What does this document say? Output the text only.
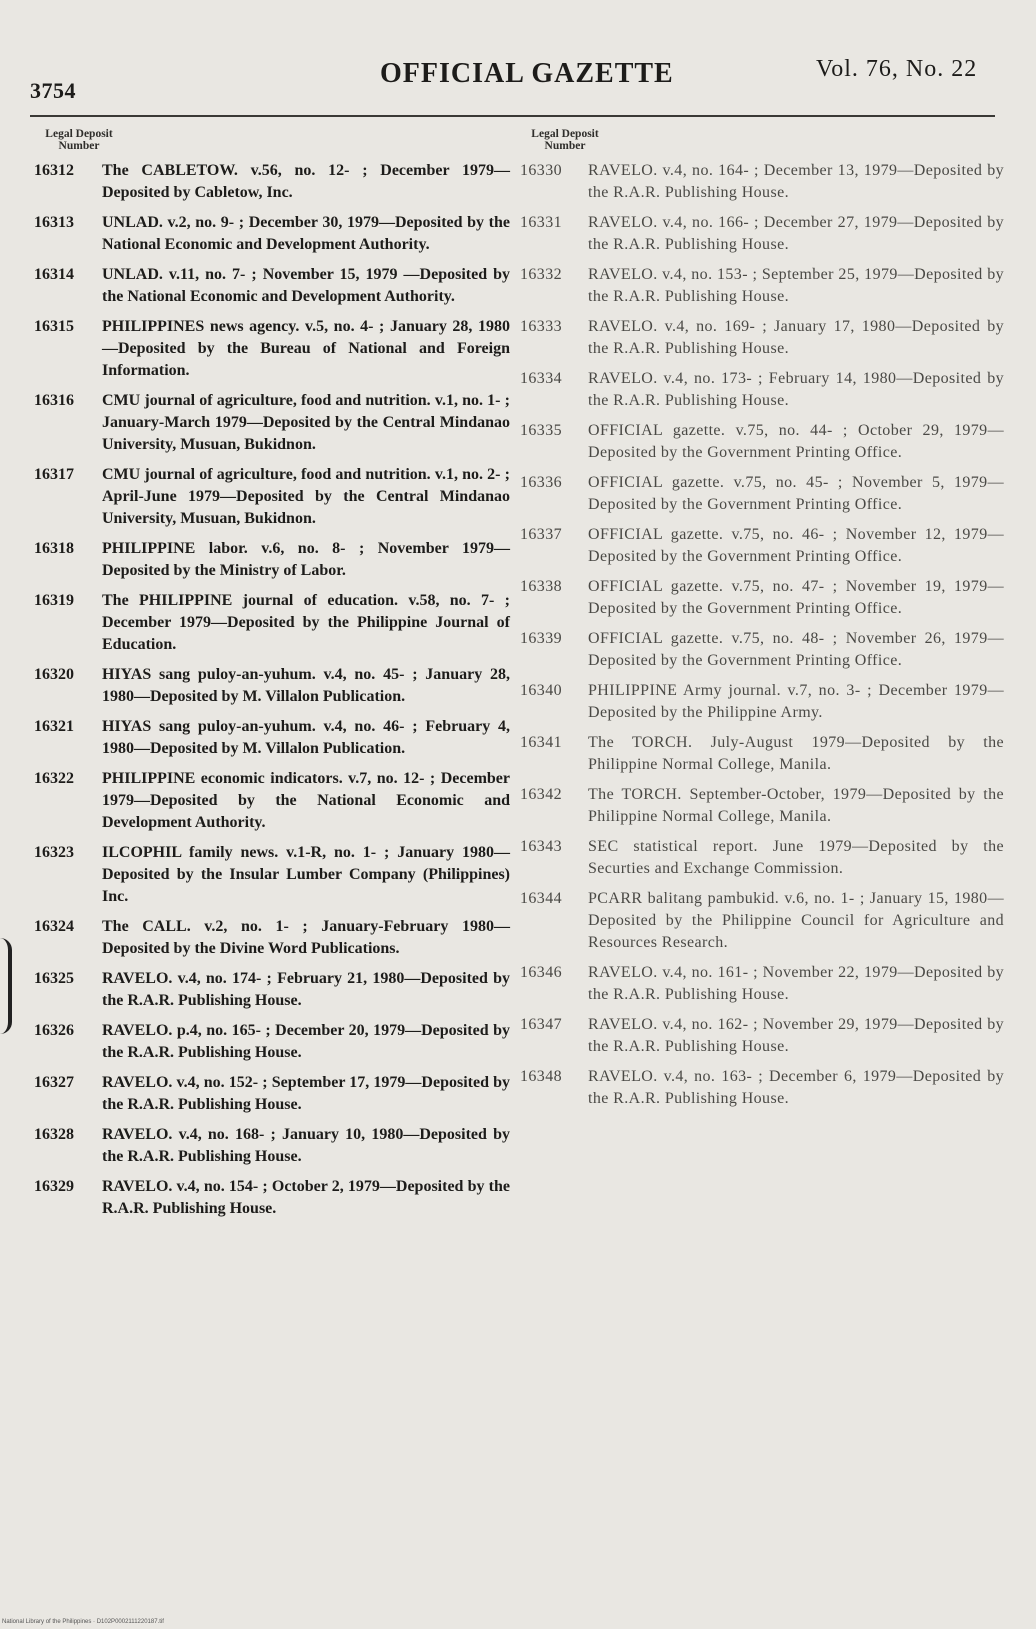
3754
OFFICIAL GAZETTE	Vol. 76, No. 22
Legal Deposit Number
16312	The CABLETOW. v.56, no. 12- ; December 1979—Deposited by Cabletow, Inc.
16313	UNLAD. v.2, no. 9- ; December 30, 1979—Deposited by the National Economic and Development Authority.
16314	UNLAD. v.11, no. 7- ; November 15, 1979 —Deposited by the National Economic and Development Authority.
16315	PHILIPPINES news agency. v.5, no. 4- ; January 28, 1980—Deposited by the Bureau of National and Foreign Information.
16316	CMU journal of agriculture, food and nutrition. v.1, no. 1- ; January-March 1979—Deposited by the Central Mindanao University, Musuan, Bukidnon.
16317	CMU journal of agriculture, food and nutrition. v.1, no. 2- ; April-June 1979—Deposited by the Central Mindanao University, Musuan, Bukidnon.
16318	PHILIPPINE labor. v.6, no. 8- ; November 1979—Deposited by the Ministry of Labor.
16319	The PHILIPPINE journal of education. v.58, no. 7- ; December 1979—Deposited by the Philippine Journal of Education.
16320	HIYAS sang puloy-an-yuhum. v.4, no. 45- ; January 28, 1980—Deposited by M. Villalon Publication.
16321	HIYAS sang puloy-an-yuhum. v.4, no. 46- ; February 4, 1980—Deposited by M. Villalon Publication.
16322	PHILIPPINE economic indicators. v.7, no. 12- ; December 1979—Deposited by the National Economic and Development Authority.
16323	ILCOPHIL family news. v.1-R, no. 1- ; January 1980—Deposited by the Insular Lumber Company (Philippines) Inc.
16324	The CALL. v.2, no. 1- ; January-February 1980—Deposited by the Divine Word Publications.
16325	RAVELO. v.4, no. 174- ; February 21, 1980—Deposited by the R.A.R. Publishing House.
16326	RAVELO. p.4, no. 165- ; December 20, 1979—Deposited by the R.A.R. Publishing House.
16327	RAVELO. v.4, no. 152- ; September 17, 1979—Deposited by the R.A.R. Publishing House.
16328	RAVELO. v.4, no. 168- ; January 10, 1980—Deposited by the R.A.R. Publishing House.
16329	RAVELO. v.4, no. 154- ; October 2, 1979—Deposited by the R.A.R. Publishing House.
Legal Deposit Number
16330	RAVELO. v.4, no. 164- ; December 13, 1979—Deposited by the R.A.R. Publishing House.
16331	RAVELO. v.4, no. 166- ; December 27, 1979—Deposited by the R.A.R. Publishing House.
16332	RAVELO. v.4, no. 153- ; September 25, 1979—Deposited by the R.A.R. Publishing House.
16333	RAVELO. v.4, no. 169- ; January 17, 1980—Deposited by the R.A.R. Publishing House.
16334	RAVELO. v.4, no. 173- ; February 14, 1980—Deposited by the R.A.R. Publishing House.
16335	OFFICIAL gazette. v.75, no. 44- ; October 29, 1979—Deposited by the Government Printing Office.
16336	OFFICIAL gazette. v.75, no. 45- ; November 5, 1979—Deposited by the Government Printing Office.
16337	OFFICIAL gazette. v.75, no. 46- ; November 12, 1979—Deposited by the Government Printing Office.
16338	OFFICIAL gazette. v.75, no. 47- ; November 19, 1979—Deposited by the Government Printing Office.
16339	OFFICIAL gazette. v.75, no. 48- ; November 26, 1979—Deposited by the Government Printing Office.
16340	PHILIPPINE Army journal. v.7, no. 3- ; December 1979—Deposited by the Philippine Army.
16341	The TORCH. July-August 1979—Deposited by the Philippine Normal College, Manila.
16342	The TORCH. September-October, 1979—Deposited by the Philippine Normal College, Manila.
16343	SEC statistical report. June 1979—Deposited by the Securties and Exchange Commission.
16344	PCARR balitang pambukid. v.6, no. 1- ; January 15, 1980—Deposited by the Philippine Council for Agriculture and Resources Research.
16346	RAVELO. v.4, no. 161- ; November 22, 1979—Deposited by the R.A.R. Publishing House.
16347	RAVELO. v.4, no. 162- ; November 29, 1979—Deposited by the R.A.R. Publishing House.
16348	RAVELO. v.4, no. 163- ; December 6, 1979—Deposited by the R.A.R. Publishing House.
National Library of the Philippines · D102P0002111220187.tif
